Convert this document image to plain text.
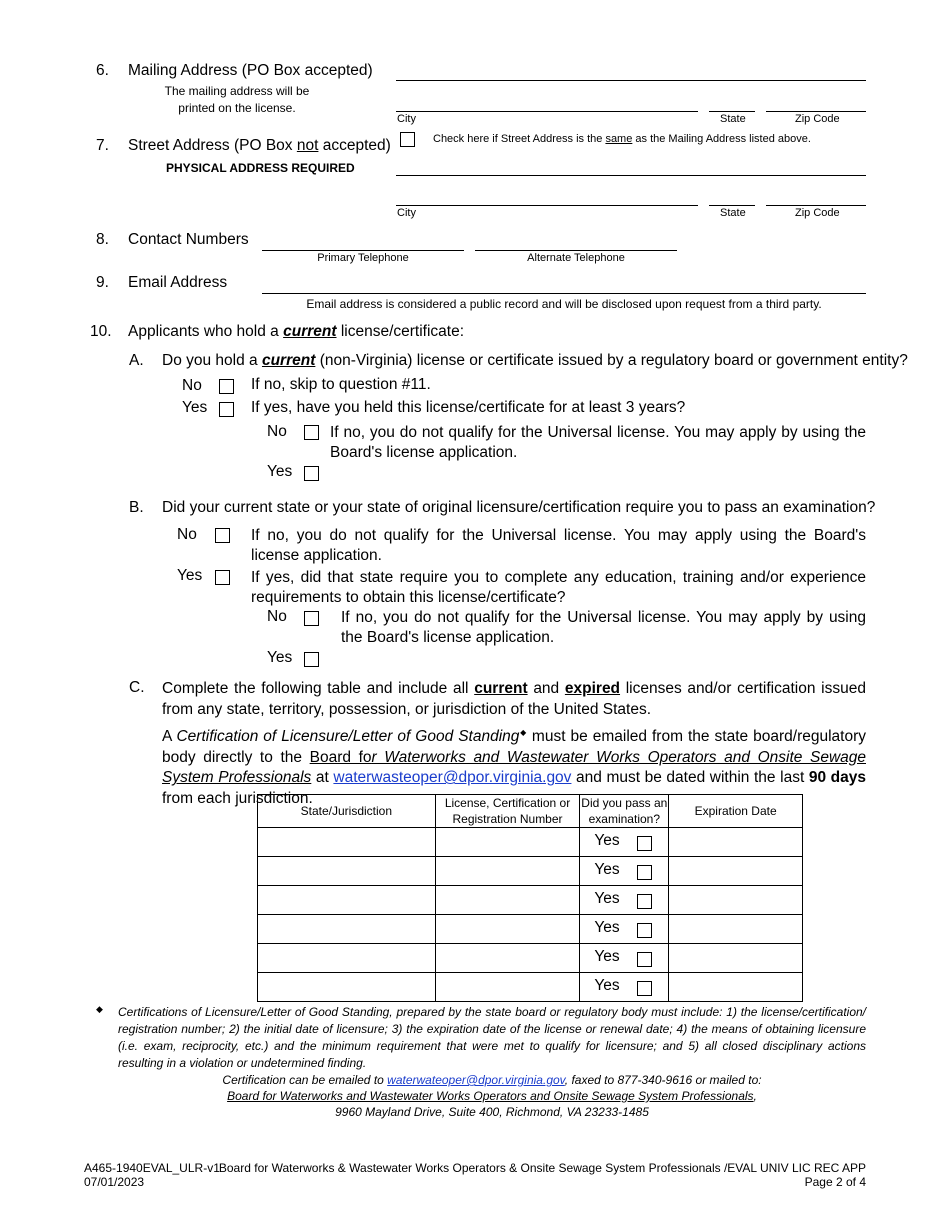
6. Mailing Address (PO Box accepted)
The mailing address will be
printed on the license.
City	State	Zip Code
7. Street Address (PO Box not accepted)
PHYSICAL ADDRESS REQUIRED
Check here if Street Address is the same as the Mailing Address listed above.
City	State	Zip Code
8. Contact Numbers
Primary Telephone	Alternate Telephone
9. Email Address
Email address is considered a public record and will be disclosed upon request from a third party.
10. Applicants who hold a current license/certificate:
A. Do you hold a current (non-Virginia) license or certificate issued by a regulatory board or government entity?
No	If no, skip to question #11.
Yes	If yes, have you held this license/certificate for at least 3 years?
No	If no, you do not qualify for the Universal license. You may apply by using the Board's license application.
Yes
B. Did your current state or your state of original licensure/certification require you to pass an examination?
No	If no, you do not qualify for the Universal license. You may apply using the Board's license application.
Yes	If yes, did that state require you to complete any education, training and/or experience requirements to obtain this license/certificate?
No	If no, you do not qualify for the Universal license. You may apply by using the Board's license application.
Yes
C. Complete the following table and include all current and expired licenses and/or certification issued from any state, territory, possession, or jurisdiction of the United States.
A Certification of Licensure/Letter of Good Standing◆ must be emailed from the state board/regulatory body directly to the Board for Waterworks and Wastewater Works Operators and Onsite Sewage System Professionals at waterwasteoper@dpor.virginia.gov and must be dated within the last 90 days from each jurisdiction.
State/Jurisdiction	License, Certification or Registration Number	Did you pass an examination?	Expiration Date

		Yes	

		Yes	

		Yes	

		Yes	

		Yes	

		Yes	

◆ Certifications of Licensure/Letter of Good Standing, prepared by the state board or regulatory body must include: 1) the license/certification/ registration number; 2) the initial date of licensure; 3) the expiration date of the license or renewal date; 4) the means of obtaining licensure (i.e. exam, reciprocity, etc.) and the minimum requirement that were met to qualify for licensure; and 5) all closed disciplinary actions resulting in a violation or undetermined finding.
Certification can be emailed to waterwateoper@dpor.virginia.gov, faxed to 877-340-9616 or mailed to:
Board for Waterworks and Wastewater Works Operators and Onsite Sewage System Professionals,
9960 Mayland Drive, Suite 400, Richmond, VA 23233-1485
A465-1940EVAL_ULR-v1
07/01/2023
Board for Waterworks & Wastewater Works Operators & Onsite Sewage System Professionals /EVAL UNIV LIC REC APP
Page 2 of 4
